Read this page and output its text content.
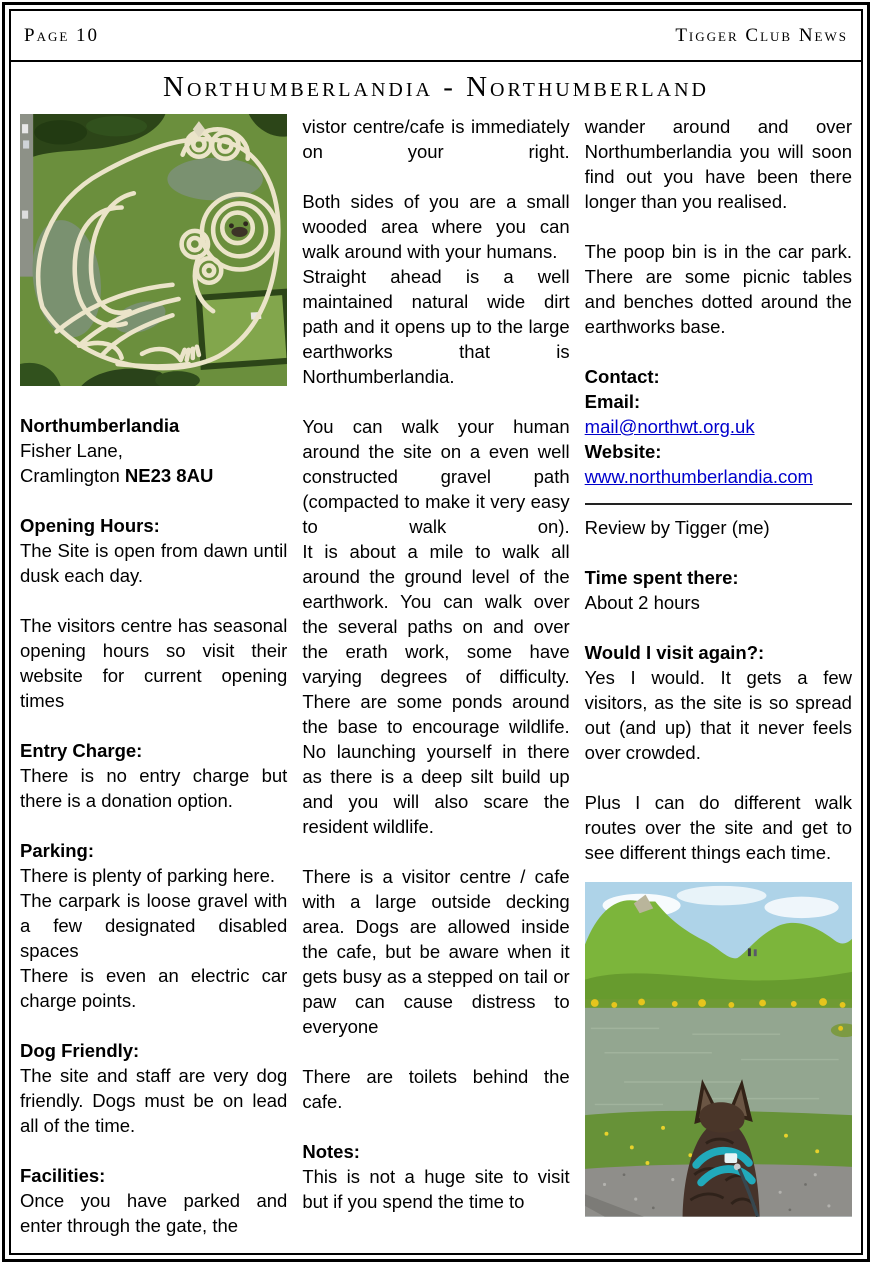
Page 10	Tigger Club News
Northumberlandia - Northumberland
Northumberlandia
Fisher Lane,
Cramlington NE23 8AU
Opening Hours:
The Site is open from dawn until dusk each day.
The visitors centre has seasonal opening hours so visit their website for current opening times
Entry Charge:
There is no entry charge but there is a donation option.
Parking:
There is plenty of parking here.
The carpark is loose gravel with a few designated disabled spaces
There is even an electric car charge points.
Dog Friendly:
The site and staff are very dog friendly. Dogs must be on lead all of the time.
Facilities:
Once you have parked and enter through the gate, the
vistor centre/cafe is immediately on your right.
Both sides of you are a small wooded area where you can walk around with your humans.
Straight ahead is a well maintained natural wide dirt path and it opens up to the large earthworks that is Northumberlandia.
You can walk your human around the site on a even well constructed gravel path (compacted to make it very easy to walk on).
It is about a mile to walk all around the ground level of the earthwork. You can walk over the several paths on and over the erath work, some have varying degrees of difficulty. There are some ponds around the base to encourage wildlife. No launching yourself in there as there is a deep silt build up and you will also scare the resident wildlife.
There is a visitor centre / cafe with a large outside decking area. Dogs are allowed inside the cafe, but be aware when it gets busy as a stepped on tail or paw can cause distress to everyone
There are toilets behind the cafe.
Notes:
This is not a huge site to visit but if you spend the time to
wander around and over Northumberlandia you will soon find out you have been there longer than you realised.
The poop bin is in the car park. There are some picnic tables and benches dotted around the earthworks base.
Contact:
Email:
mail@northwt.org.uk
Website:
www.northumberlandia.com
Review by Tigger (me)
Time spent there:
About 2 hours
Would I visit again?:
Yes I would. It gets a few visitors, as the site is so spread out (and up) that it never feels over crowded.
Plus I can do different walk routes over the site and get to see different things each time.
